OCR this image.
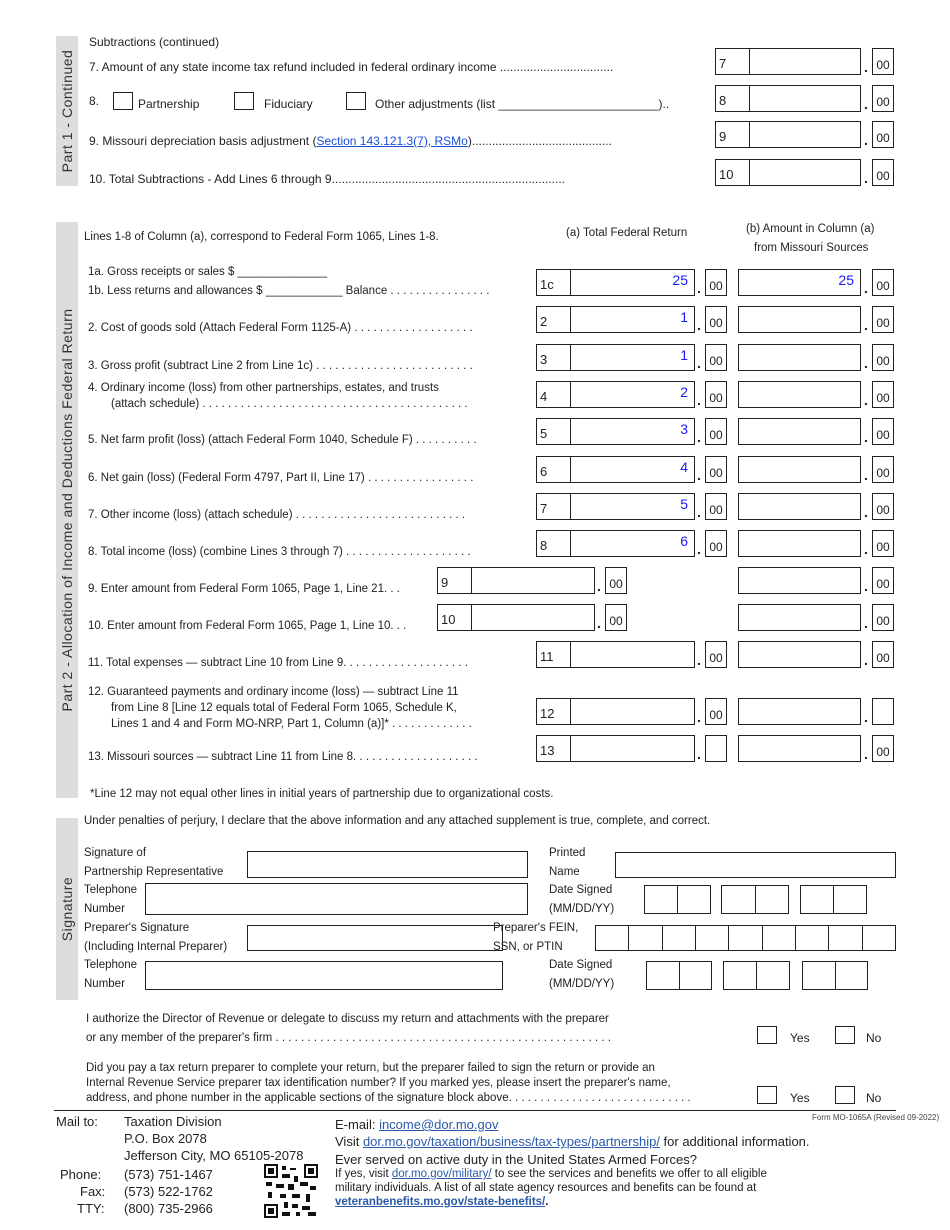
Part 1 - Continued
Subtractions (continued)
7. Amount of any state income tax refund included in federal ordinary income ..................................
8.	Partnership	Fiduciary	Other adjustments (list ________________________)..
9. Missouri depreciation basis adjustment (Section 143.121.3(7), RSMo)..........................................
10. Total Subtractions - Add Lines 6 through 9......................................................................
7	. 00
8	. 00
9	. 00
10	. 00
Part 2 - Allocation of Income and Deductions Federal Return
Lines 1-8 of Column (a), correspond to Federal Form 1065, Lines 1-8.	(a) Total Federal Return	(b) Amount in Column (a)
from Missouri Sources
1a. Gross receipts or sales $ ______________
1b. Less returns and allowances $ ____________ Balance . . . . . . . . . . . . . . . .	1c	25 . 00	25 . 00
2. Cost of goods sold (Attach Federal Form 1125-A) . . . . . . . . . . . . . . . . . . .	2	1 . 00	. 00
3. Gross profit (subtract Line 2 from Line 1c) . . . . . . . . . . . . . . . . . . . . . . . . .	3	1 . 00	. 00
4. Ordinary income (loss) from other partnerships, estates, and trusts
(attach schedule) . . . . . . . . . . . . . . . . . . . . . . . . . . . . . . . . . . . . . . . . . .	4	2 . 00	. 00
5. Net farm profit (loss) (attach Federal Form 1040, Schedule F) . . . . . . . . . .	5	3 . 00	. 00
6. Net gain (loss) (Federal Form 4797, Part II, Line 17) . . . . . . . . . . . . . . . . .	6	4 . 00	. 00
7. Other income (loss) (attach schedule) . . . . . . . . . . . . . . . . . . . . . . . . . . .	7	5 . 00	. 00
8. Total income (loss) (combine Lines 3 through 7) . . . . . . . . . . . . . . . . . . . .	8	6 . 00	. 00
9. Enter amount from Federal Form 1065, Page 1, Line 21. . .	9	. 00	. 00
10. Enter amount from Federal Form 1065, Page 1, Line 10. . .	10	. 00	. 00
11. Total expenses — subtract Line 10 from Line 9. . . . . . . . . . . . . . . . . . . .	11	. 00	. 00
12. Guaranteed payments and ordinary income (loss) — subtract Line 11
from Line 8 [Line 12 equals total of Federal Form 1065, Schedule K,
Lines 1 and 4 and Form MO-NRP, Part 1, Column (a)]* . . . . . . . . . . . . .
12	. 00	.
13. Missouri sources — subtract Line 11 from Line 8. . . . . . . . . . . . . . . . . . . .	13	.	. 00
*Line 12 may not equal other lines in initial years of partnership due to organizational costs.
Signature
Under penalties of perjury, I declare that the above information and any attached supplement is true, complete, and correct.
Signature of
Partnership Representative
Printed
Name
Telephone
Number
Date Signed
(MM/DD/YY)
Preparer's Signature
(Including Internal Preparer)
Preparer's FEIN,
SSN, or PTIN
Telephone
Number
Date Signed
(MM/DD/YY)
I authorize the Director of Revenue or delegate to discuss my return and attachments with the preparer
or any member of the preparer's firm . . . . . . . . . . . . . . . . . . . . . . . . . . . . . . . . . . . . . . . . . . . . . . . . . . . . .	Yes	No
Did you pay a tax return preparer to complete your return, but the preparer failed to sign the return or provide an
Internal Revenue Service preparer tax identification number? If you marked yes, please insert the preparer's name,
address, and phone number in the applicable sections of the signature block above. . . . . . . . . . . . . . . . . . . . . . . . . . . . .	Yes	No
Mail to: Taxation Division
P.O. Box 2078
Jefferson City, MO 65105-2078
Phone: (573) 751-1467
Fax: (573) 522-1762
TTY: (800) 735-2966
E-mail: income@dor.mo.gov	Form MO-1065A (Revised 09-2022)
Visit dor.mo.gov/taxation/business/tax-types/partnership/ for additional information.
Ever served on active duty in the United States Armed Forces?
If yes, visit dor.mo.gov/military/ to see the services and benefits we offer to all eligible
military individuals. A list of all state agency resources and benefits can be found at
veteranbenefits.mo.gov/state-benefits/.
